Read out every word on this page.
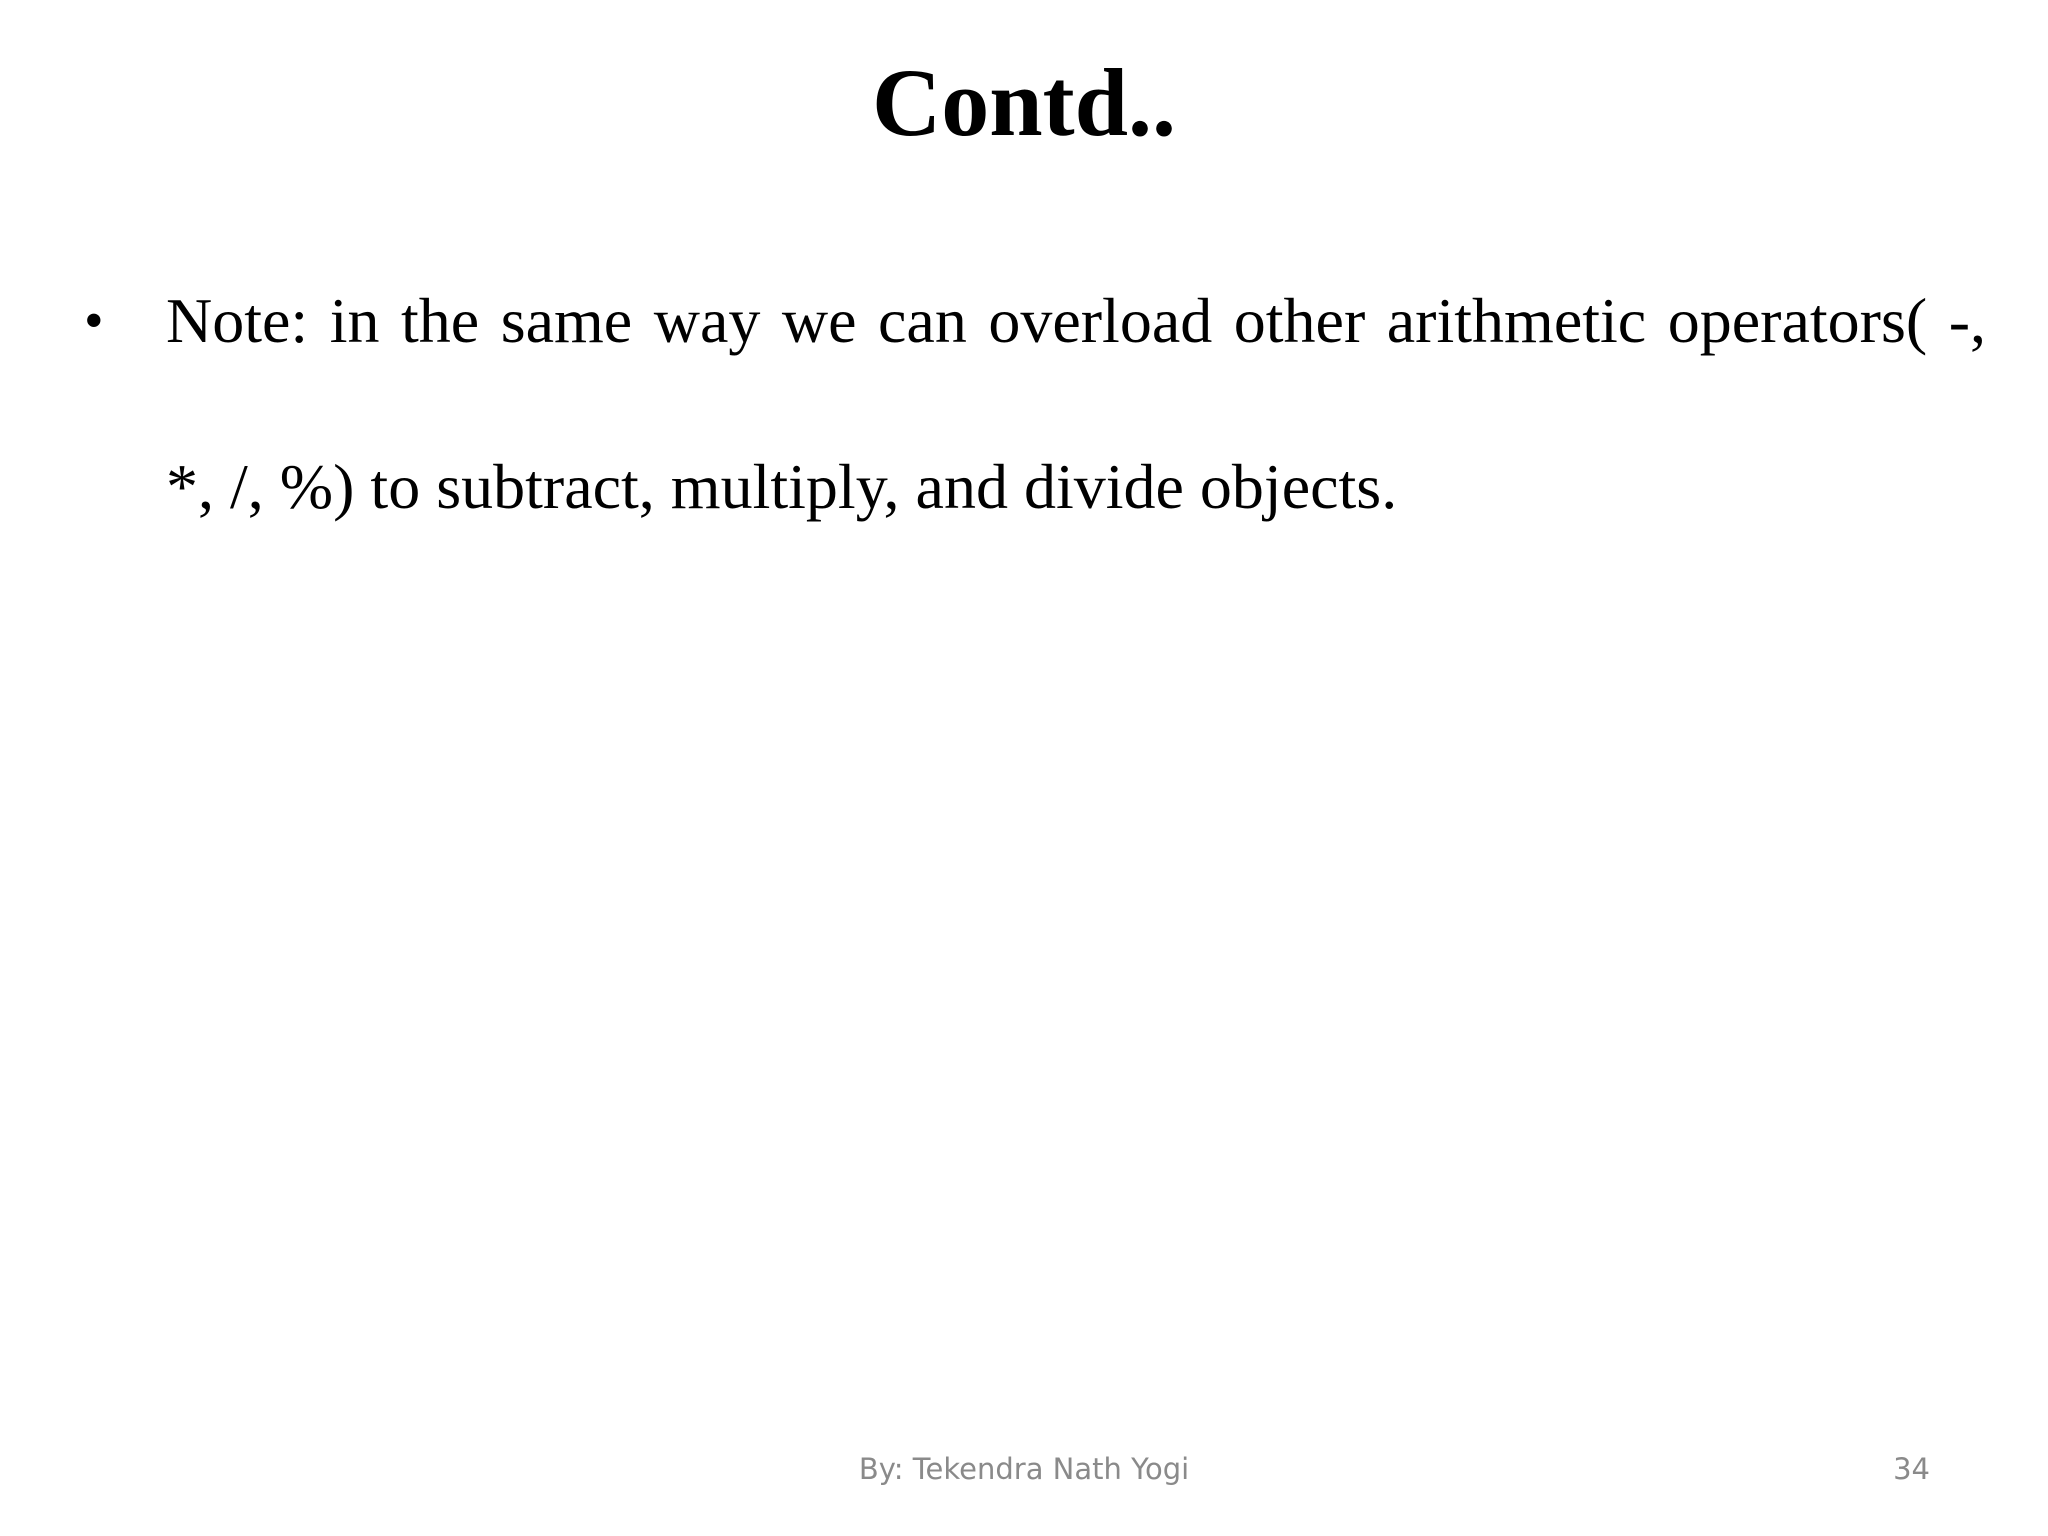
Contd..
• Note: in the same way we can overload other arithmetic operators( -, *, /, %) to subtract, multiply, and divide objects.
By: Tekendra Nath Yogi	34
